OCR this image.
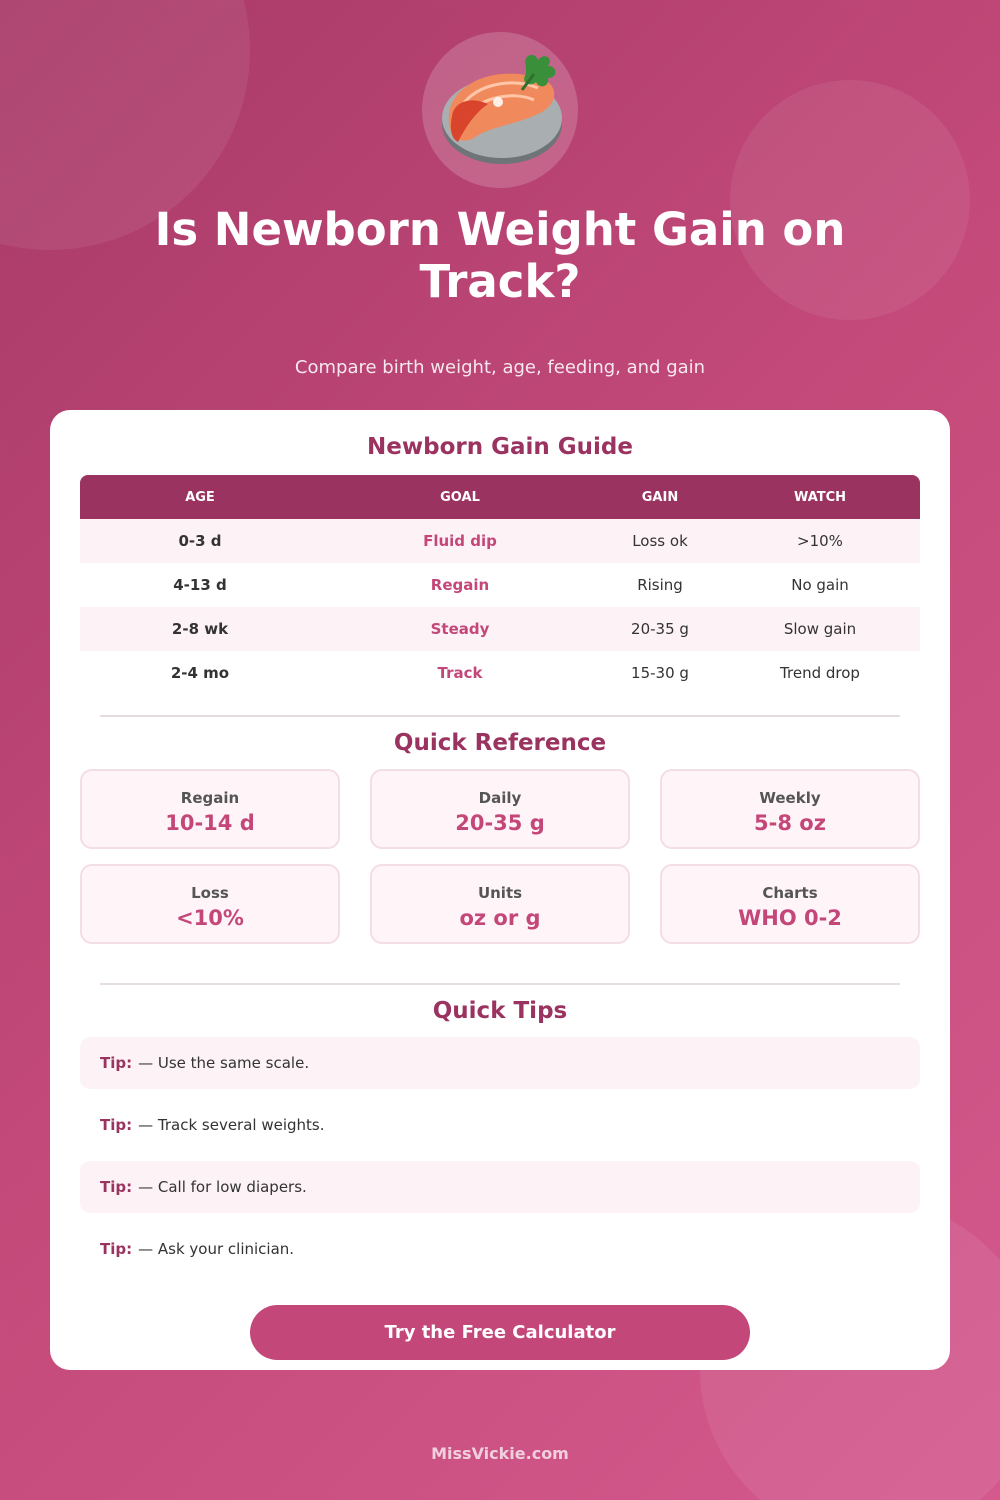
Is Newborn Weight Gain on Track?
Compare birth weight, age, feeding, and gain
Newborn Gain Guide
AGE	GOAL	GAIN	WATCH
0-3 d	Fluid dip	Loss ok	>10%
4-13 d	Regain	Rising	No gain
2-8 wk	Steady	20-35 g	Slow gain
2-4 mo	Track	15-30 g	Trend drop
Quick Reference
Regain
10-14 d
Daily
20-35 g
Weekly
5-8 oz
Loss
<10%
Units
oz or g
Charts
WHO 0-2
Quick Tips
Tip: — Use the same scale.
Tip: — Track several weights.
Tip: — Call for low diapers.
Tip: — Ask your clinician.
Try the Free Calculator
MissVickie.com
